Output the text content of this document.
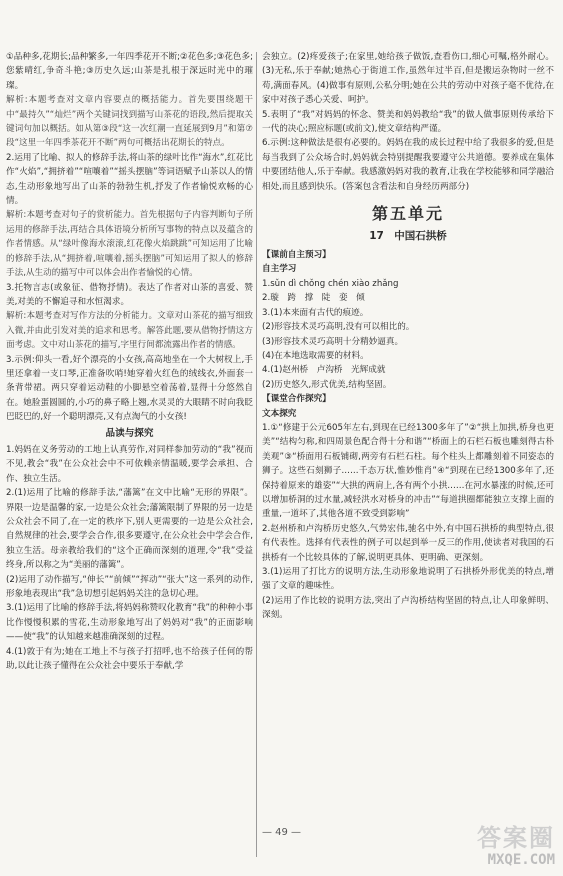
①品种多,花期长;品种繁多,一年四季花开不断;②花色多;③花色多;您紫晴红,争奇斗艳;③历史久远;山茶是扎根于深远时光中的璀璨。

解析:本题考查对文章内容要点的概括能力。首先要围绕题干中“最持久”“灿烂”两个关键词找到描写山茶花的语段,然后提取关键词句加以概括。如从第③段“这一次红潮一直延展到9月”和第⑦段“这里一年四季茶花开不断”两句可概括出花期长的特点。

2.运用了比喻、拟人的修辞手法,将山茶的绿叶比作“海水”,红花比作“火焰”,“拥挤着”“喧嚷着”“摇头摆脑”等词语赋予山茶以人的情态,生动形象地写出了山茶的勃勃生机,抒发了作者愉悦欢畅的心情。

解析:本题考查对句子的赏析能力。首先根据句子内容判断句子所运用的修辞手法,再结合具体语境分析所写事物的特点以及蕴含的作者情感。从“绿叶像海水滚滚,红花像火焰跳跳”可知运用了比喻的修辞手法,从“拥挤着,喧嚷着,摇头摆脑”可知运用了拟人的修辞手法,从生动的描写中可以体会出作者愉悦的心情。

3.托物言志(或象征、借物抒情)。表达了作者对山茶的喜爱、赞美,对美的不懈追寻和水恒渴求。

解析:本题考查对写作方法的分析能力。文章对山茶花的描写细致入微,并由此引发对美的追求和思考。解答此题,要从借物抒情这方面考虑。文中对山茶花的描写,字里行间都流露出作者的情感。

3.示例:仰头一看,好个漂亮的小女孩,高高地坐在一个大树杈上,手里还拿着一支口琴,正准备吹哨!她穿着火红色的绒线衣,外面套一条背带裙。两只穿着运动鞋的小脚悬空着荡着,显得十分悠然自在。她脸蛋圆圆的,小巧的鼻子略上翘,水灵灵的大眼睛不时向我眨巴眨巴的,好一个聪明漂亮,又有点淘气的小女孩!

品读与探究

1.妈妈在义务劳动的工地上认真劳作,对同样参加劳动的“我”视而不见,教会“我”在公众社会中不可依赖亲情温暖,要学会承担、合作、独立生活。

2.(1)运用了比喻的修辞手法,“藩篱”在文中比喻“无形的界限”。界限一边是温馨的家,一边是公众社会;藩篱限制了界限的另一边是公众社会不同了,在一定的秩序下,别人更需要的一边是公众社会,自然规律的社会,要学会合作,很多要遵守,在公众社会中学会合作,独立生活。母亲教给我们的“这个正确而深刻的道理,令“我”受益终身,所以称之为“美丽的藩篱”。

(2)运用了动作描写,“伸长”“前倾”“挥动”“张大”这一系列的动作,形象地表现出“我”急切想引起妈妈关注的急切心理。

3.(1)运用了比喻的修辞手法,将妈妈称赞叹化教育“我”的种种小事比作慢慢积累的雪花,生动形象地写出了妈妈对“我”的正面影响——使“我”的认知越来越准确深刻的过程。

4.(1)敦于有为;她在工地上不与孩子打招呼,也不给孩子任何的帮助,以此让孩子懂得在公众社会中要乐于奉献,学

会独立。(2)疼爱孩子;在家里,她给孩子做饭,查看伤口,细心可嘱,格外耐心。(3)无私,乐于奉献;她热心于街道工作,虽然年过半百,但是搬运杂物时一丝不苟,满面春风。(4)做事有原则,公私分明;她在公共的劳动中对孩子毫不优待,在家中对孩子悉心关爱、呵护。

5.表明了“我”对妈妈的怀念、赞美和妈妈教给“我”的做人做事原则传承给下一代的决心;照应标题(或前文),使文章结构严谨。

6.示例:这种做法是很有必要的。妈妈在我的成长过程中给了我很多的爱,但是每当我到了公众场合时,妈妈就会特别提醒我要遵守公共道德。要养成在集体中要团结他人,乐于奉献。我感激妈妈对我的教育,让我在学校能够和同学融洽相处,而且感到快乐。(答案包含看法和自身经历两部分)

第五单元
17　中国石拱桥

【课前自主预习】

自主学习

1.sǔn dì chǒng chén xiào zhǎng

2.璇　跨　撑　陡　娈　倾

3.(1)本来面有古代的痕迹。

(2)形容技术灵巧高明,没有可以相比的。

(3)形容技术灵巧高明十分精妙逼真。

(4)在本地选取需要的材料。

4.(1)赵州桥　卢沟桥　光辉成就

(2)历史悠久,形式优美,结构坚固。

【课堂合作探究】

文本探究

1.①“修建于公元605年左右,到现在已经1300多年了”②“拱上加拱,桥身也更美”“结构匀称,和四周景色配合得十分和谐”“桥面上的石栏石板也雕刻得古朴美观”③“桥面用石板铺砌,两旁有石栏石柱。每个柱头上都雕刻着不同姿态的狮子。这些石刻狮子……千态万状,惟妙惟肖”④“到现在已经1300多年了,还保持着原来的雄姿”“大拱的两肩上,各有两个小拱……在河水暴涨的时候,还可以增加桥洞的过水量,减轻洪水对桥身的冲击”“每道拱圈都能独立支撑上面的重量,一道坏了,其他各道不致受到影响”

2.赵州桥和卢沟桥历史悠久,气势宏伟,驰名中外,有中国石拱桥的典型特点,很有代表性。选择有代表性的例子可以起到举一反三的作用,使读者对我国的石拱桥有一个比较具体的了解,说明更具体、更明确、更深刻。

3.(1)运用了打比方的说明方法,生动形象地说明了石拱桥外形优美的特点,增强了文章的趣味性。

(2)运用了作比较的说明方法,突出了卢沟桥结构坚固的特点,让人印象鲜明、深刻。

— 49 —	答案圈
MXQE.COM
